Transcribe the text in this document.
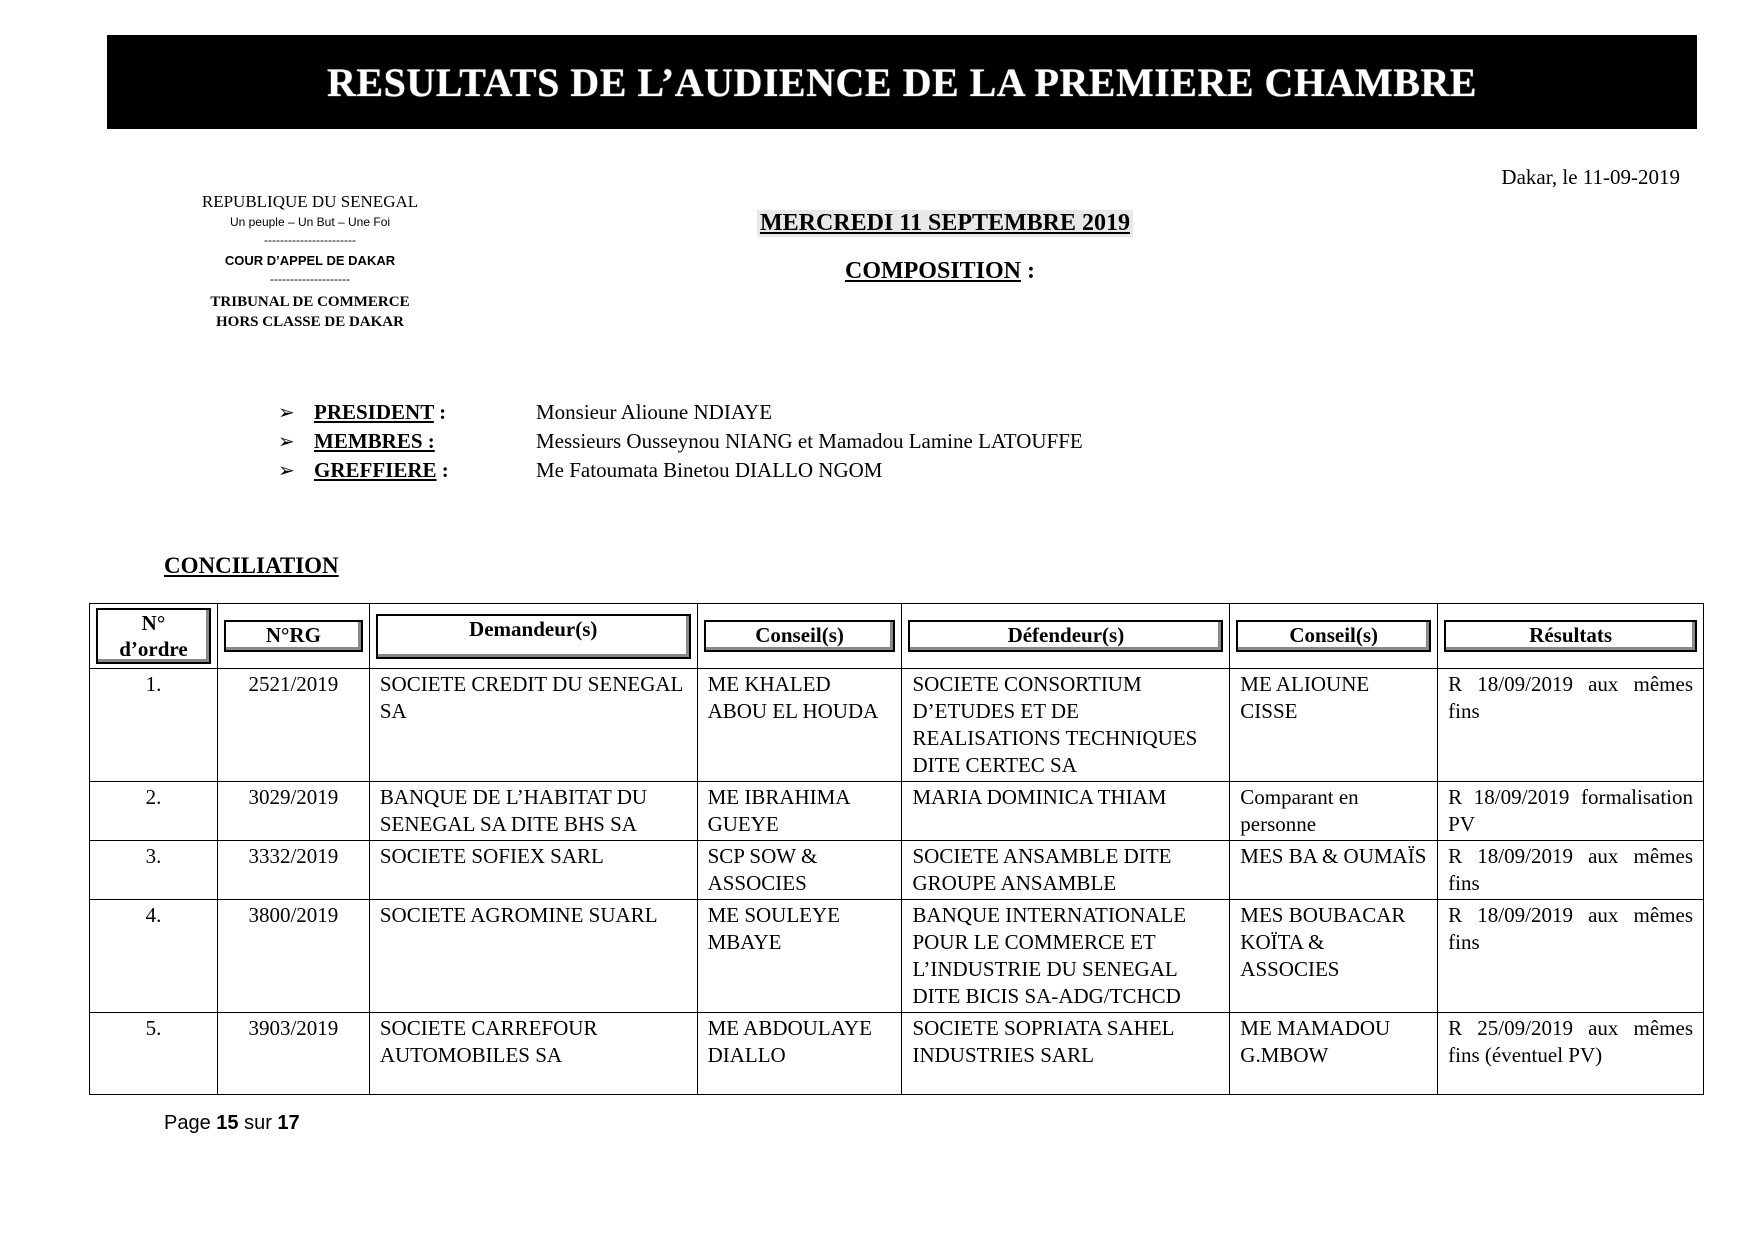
RESULTATS DE L’AUDIENCE DE LA PREMIERE CHAMBRE
Dakar, le 11-09-2019
REPUBLIQUE DU SENEGAL
Un peuple – Un But – Une Foi
-----------------------
COUR D’APPEL DE DAKAR
--------------------
TRIBUNAL DE COMMERCE
HORS CLASSE DE DAKAR
MERCREDI 11 SEPTEMBRE 2019
COMPOSITION :
➢ PRESIDENT :	Monsieur Alioune NDIAYE
➢ MEMBRES :	Messieurs Ousseynou NIANG et Mamadou Lamine LATOUFFE
➢ GREFFIERE :	Me Fatoumata Binetou DIALLO NGOM
CONCILIATION
N°
d’ordre	N°RG	Demandeur(s)	Conseil(s)	Défendeur(s)	Conseil(s)	Résultats

1.	2521/2019	SOCIETE CREDIT DU SENEGAL SA	ME KHALED ABOU EL HOUDA	SOCIETE CONSORTIUM D’ETUDES ET DE REALISATIONS TECHNIQUES DITE CERTEC SA	ME ALIOUNE CISSE	R 18/09/2019 aux mêmes fins
2.	3029/2019	BANQUE DE L’HABITAT DU SENEGAL SA DITE BHS SA	ME IBRAHIMA GUEYE	MARIA DOMINICA THIAM	Comparant en personne	R 18/09/2019 formalisation PV
3.	3332/2019	SOCIETE SOFIEX SARL	SCP SOW & ASSOCIES	SOCIETE ANSAMBLE DITE GROUPE ANSAMBLE	MES BA & OUMAÏS	R 18/09/2019 aux mêmes fins
4.	3800/2019	SOCIETE AGROMINE SUARL	ME SOULEYE MBAYE	BANQUE INTERNATIONALE POUR LE COMMERCE ET L’INDUSTRIE DU SENEGAL DITE BICIS SA-ADG/TCHCD	MES BOUBACAR KOÏTA & ASSOCIES	R 18/09/2019 aux mêmes fins
5.	3903/2019	SOCIETE CARREFOUR AUTOMOBILES SA	ME ABDOULAYE DIALLO	SOCIETE SOPRIATA SAHEL INDUSTRIES SARL	ME MAMADOU G.MBOW	R 25/09/2019 aux mêmes fins (éventuel PV)
Page 15 sur 17
